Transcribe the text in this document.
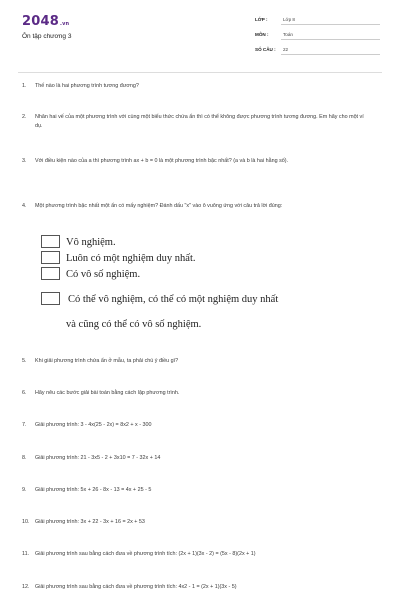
2048.vn
Ôn tập chương 3
LỚP :	Lớp 8
MÔN :	Toán
SỐ CÂU : 22
1. Thế nào là hai phương trình tương đương?
2. Nhân hai vế của một phương trình với cùng một biểu thức chứa ẩn thì có thể không được phương trình tương đương. Em hãy cho một ví dụ.
3. Với điều kiện nào của a thì phương trình ax + b = 0 là một phương trình bậc nhất? (a và b là hai hằng số).
4. Một phương trình bậc nhất một ẩn có mấy nghiệm? Đánh dấu "x" vào ô vuông ứng với câu trả lời đúng:
Vô nghiệm.
Luôn có một nghiệm duy nhất.
Có vô số nghiệm.
Có thể vô nghiệm, có thể có một nghiệm duy nhất
và cũng có thể có vô số nghiệm.
5. Khi giải phương trình chứa ẩn ở mẫu, ta phải chú ý điều gì?
6. Hãy nêu các bước giải bài toán bằng cách lập phương trình.
7. Giải phương trình: 3 - 4x(25 - 2x) = 8x2 + x - 300
8. Giải phương trình: 21 - 3x5 - 2 + 3x10 = 7 - 32x + 14
9. Giải phương trình: 5x + 26 - 8x - 13 = 4x + 25 - 5
10. Giải phương trình: 3x + 22 - 3x + 16 = 2x + 53
11. Giải phương trình sau bằng cách đưa về phương trình tích: (2x + 1)(3x - 2) = (5x - 8)(2x + 1)
12. Giải phương trình sau bằng cách đưa về phương trình tích: 4x2 - 1 = (2x + 1)(3x - 5)
